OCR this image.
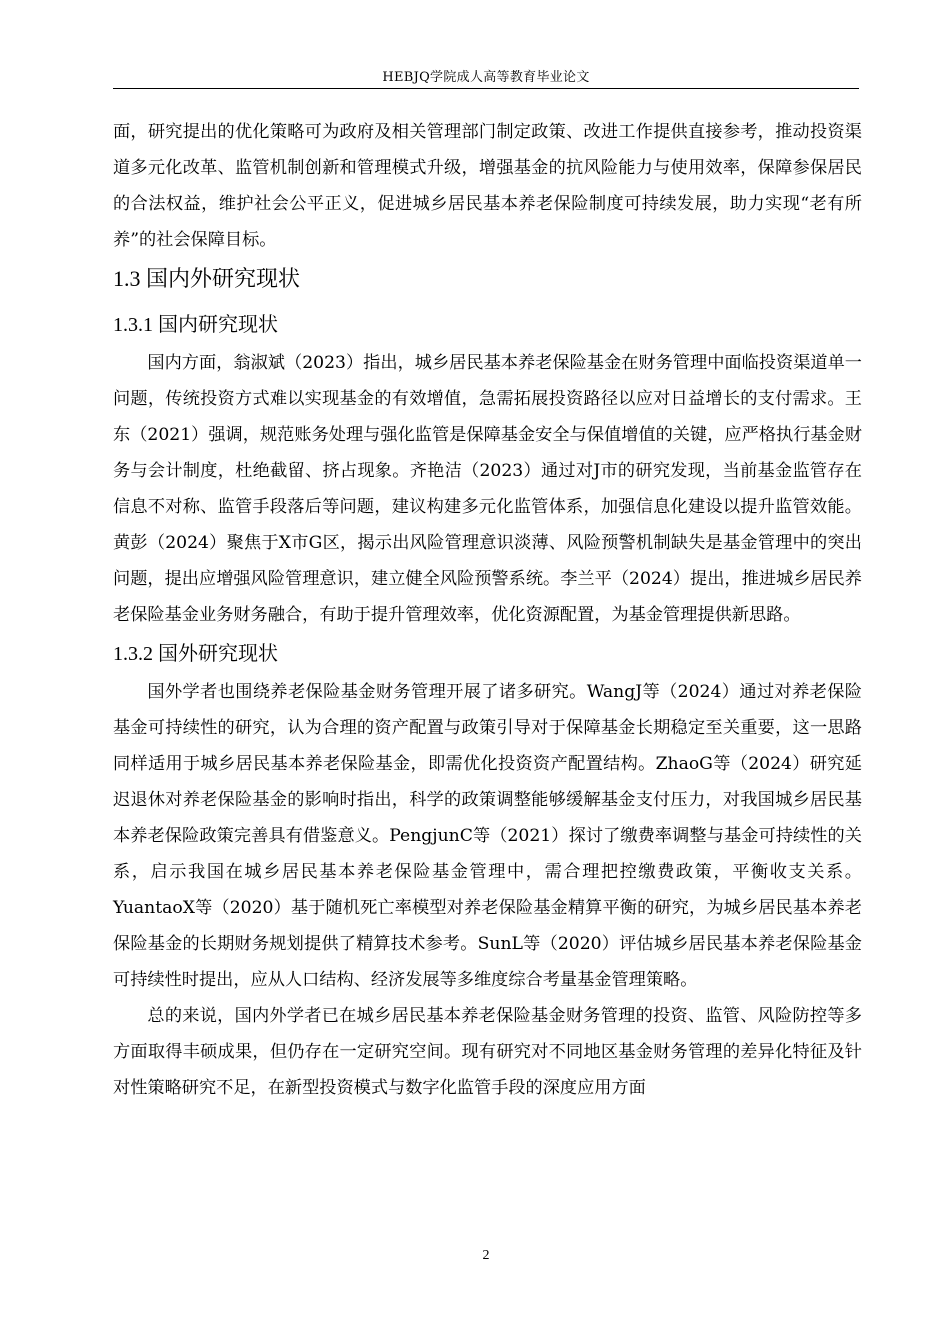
HEBJQ学院成人高等教育毕业论文

面，研究提出的优化策略可为政府及相关管理部门制定政策、改进工作提供直接参考，推动投资渠道多元化改革、监管机制创新和管理模式升级，增强基金的抗风险能力与使用效率，保障参保居民的合法权益，维护社会公平正义，促进城乡居民基本养老保险制度可持续发展，助力实现“老有所养”的社会保障目标。

1.3 国内外研究现状
1.3.1 国内研究现状

国内方面，翁淑斌（2023）指出，城乡居民基本养老保险基金在财务管理中面临投资渠道单一问题，传统投资方式难以实现基金的有效增值，急需拓展投资路径以应对日益增长的支付需求。王东（2021）强调，规范账务处理与强化监管是保障基金安全与保值增值的关键，应严格执行基金财务与会计制度，杜绝截留、挤占现象。齐艳洁（2023）通过对J市的研究发现，当前基金监管存在信息不对称、监管手段落后等问题，建议构建多元化监管体系，加强信息化建设以提升监管效能。黄彭（2024）聚焦于X市G区，揭示出风险管理意识淡薄、风险预警机制缺失是基金管理中的突出问题，提出应增强风险管理意识，建立健全风险预警系统。李兰平（2024）提出，推进城乡居民养老保险基金业务财务融合，有助于提升管理效率，优化资源配置，为基金管理提供新思路。

1.3.2 国外研究现状

国外学者也围绕养老保险基金财务管理开展了诸多研究。WangJ等（2024）通过对养老保险基金可持续性的研究，认为合理的资产配置与政策引导对于保障基金长期稳定至关重要，这一思路同样适用于城乡居民基本养老保险基金，即需优化投资资产配置结构。ZhaoG等（2024）研究延迟退休对养老保险基金的影响时指出，科学的政策调整能够缓解基金支付压力，对我国城乡居民基本养老保险政策完善具有借鉴意义。PengjunC等（2021）探讨了缴费率调整与基金可持续性的关系，启示我国在城乡居民基本养老保险基金管理中，需合理把控缴费政策，平衡收支关系。YuantaoX等（2020）基于随机死亡率模型对养老保险基金精算平衡的研究，为城乡居民基本养老保险基金的长期财务规划提供了精算技术参考。SunL等（2020）评估城乡居民基本养老保险基金可持续性时提出，应从人口结构、经济发展等多维度综合考量基金管理策略。

总的来说，国内外学者已在城乡居民基本养老保险基金财务管理的投资、监管、风险防控等多方面取得丰硕成果，但仍存在一定研究空间。现有研究对不同地区基金财务管理的差异化特征及针对性策略研究不足，在新型投资模式与数字化监管手段的深度应用方面

2
